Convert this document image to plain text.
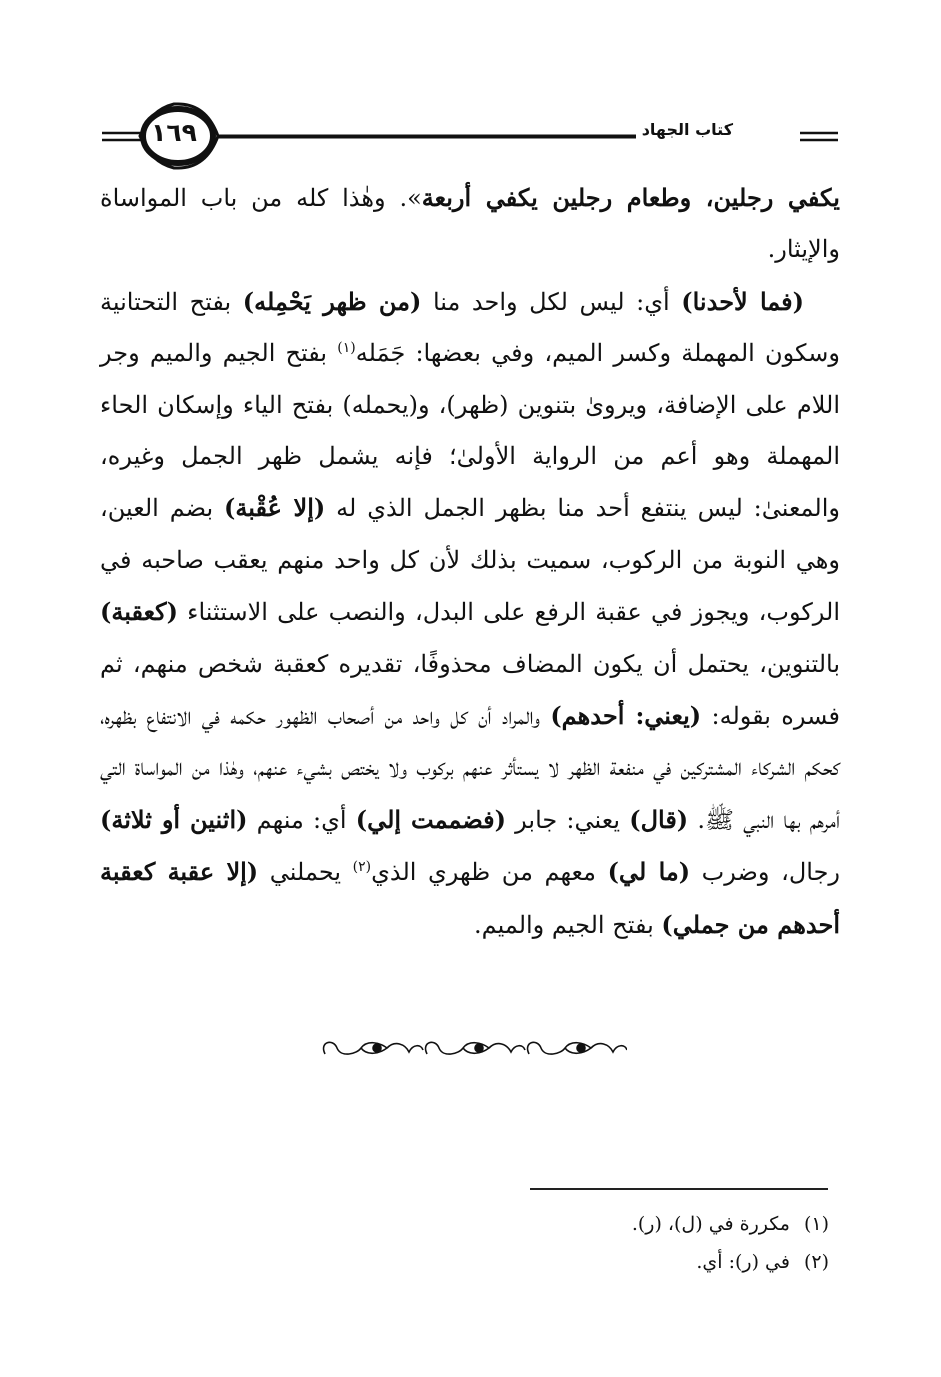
١٦٩	كتاب الجهاد

يكفي رجلين، وطعام رجلين يكفي أربعة». وهٰذا كله من باب المواساة والإيثار.

(فما لأحدنا) أي: ليس لكل واحد منا (من ظهر يَحْمِله) بفتح التحتانية وسكون المهملة وكسر الميم، وفي بعضها: جَمَله$^{(١)}$ بفتح الجيم والميم وجر اللام على الإضافة، ويروىٰ بتنوين (ظهر)، و(يحمله) بفتح الياء وإسكان الحاء المهملة وهو أعم من الرواية الأولىٰ؛ فإنه يشمل ظهر الجمل وغيره، والمعنىٰ: ليس ينتفع أحد منا بظهر الجمل الذي له (إلا عُقْبة) بضم العين، وهي النوبة من الركوب، سميت بذلك لأن كل واحد منهم يعقب صاحبه في الركوب، ويجوز في عقبة الرفع على البدل، والنصب على الاستثناء (كعقبة) بالتنوين، يحتمل أن يكون المضاف محذوفًا، تقديره كعقبة شخص منهم، ثم فسره بقوله: (يعني: أحدهم) والمراد أن كل واحد من أصحاب الظهور حكمه في الانتفاع بظهره، كحكم الشركاء المشتركين في منفعة الظهر لا يستأثر عنهم بركوب ولا يختص بشيء عنهم، وهٰذا من المواساة التي أمرهم بها النبي ﷺ. (قال) يعني: جابر (فضممت إلي) أي: منهم (اثنين أو ثلاثة) رجال، وضرب (ما لي) معهم من ظهري الذي$^{(٢)}$ يحملني (إلا عقبة كعقبة أحدهم من جملي) بفتح الجيم والميم.

(١)مكررة في (ل)، (ر).
(٢)في (ر): أي.
